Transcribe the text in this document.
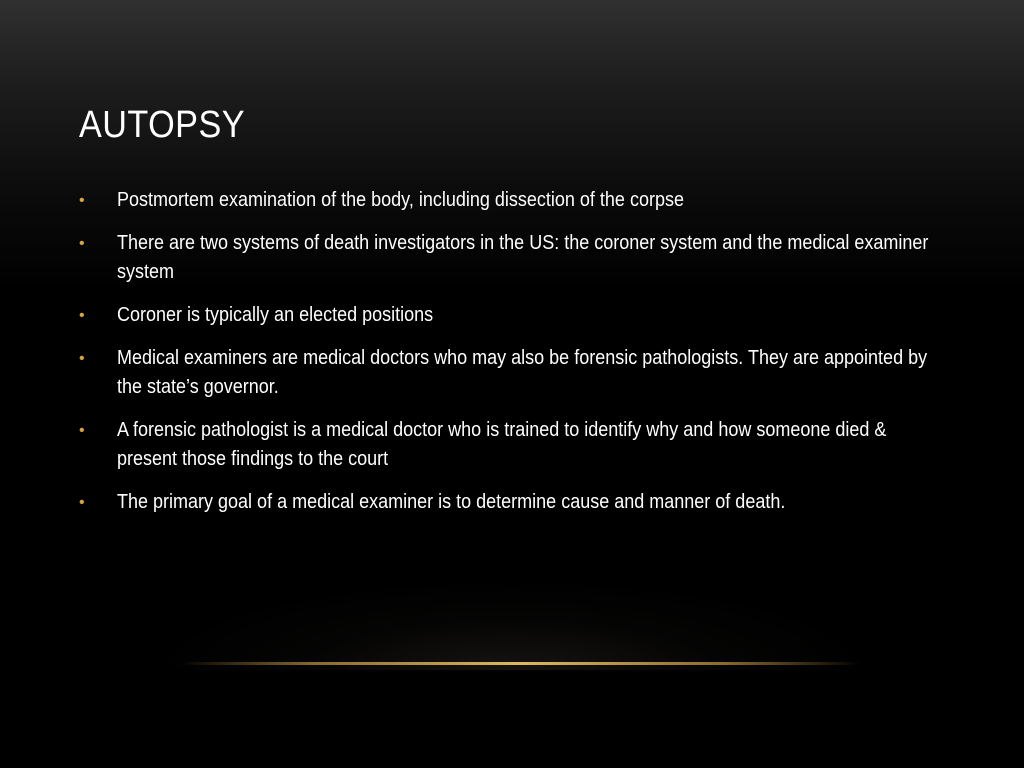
AUTOPSY
• Postmortem examination of the body, including dissection of the corpse
• There are two systems of death investigators in the US: the coroner system and the medical examiner system
• Coroner is typically an elected positions
• Medical examiners are medical doctors who may also be forensic pathologists. They are appointed by the state’s governor.
• A forensic pathologist is a medical doctor who is trained to identify why and how someone died & present those findings to the court
• The primary goal of a medical examiner is to determine cause and manner of death.
